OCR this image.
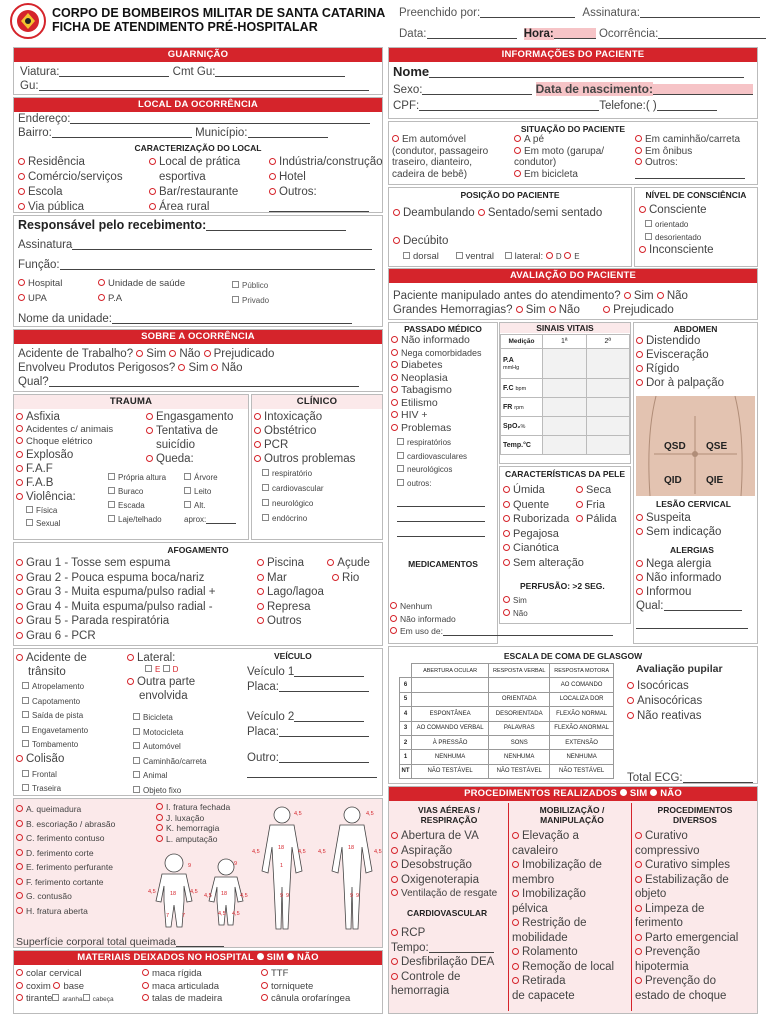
CORPO DE BOMBEIROS MILITAR DE SANTA CATARINA
FICHA DE ATENDIMENTO PRÉ-HOSPITALAR
Preenchido por:	Assinatura:
Data:	Hora:	Ocorrência:
GUARNIÇÃO
Viatura:	Cmt Gu:
Gu:
LOCAL DA OCORRÊNCIA
Endereço:
Bairro:	Município:
CARACTERIZAÇÃO DO LOCAL
Residência
Comércio/serviços
Escola
Via pública
Local de prática
esportiva
Bar/restaurante
Área rural
Indústria/construção
Hotel
Outros:
Responsável pelo recebimento:
Assinatura
Função:
Hospital
UPA
Unidade de saúde
P.A
Público
Privado
Nome da unidade:
SOBRE A OCORRÊNCIA
Acidente de Trabalho? Sim Não Prejudicado
Envolveu Produtos Perigosos? Sim Não
Qual?
TRAUMA
Asfixia
Acidentes c/ animais
Choque elétrico
Explosão
F.A.F
F.A.B
Violência:
Física
Sexual
Engasgamento
Tentativa de
suicídio
Queda:
Própria altura
Buraco
Escada
Laje/telhado
Árvore
Leito
Alt.
aprox:
CLÍNICO
Intoxicação
Obstétrico
PCR
Outros problemas
respiratório
cardiovascular
neurológico
endócrino
AFOGAMENTO
Grau 1 - Tosse sem espuma
Grau 2 - Pouca espuma boca/nariz
Grau 3 - Muita espuma/pulso radial +
Grau 4 - Muita espuma/pulso radial -
Grau 5 - Parada respiratória
Grau 6 - PCR
Piscina	Açude
Mar	Rio
Lago/lagoa
Represa
Outros
VEÍCULO
Acidente de
trânsito
Atropelamento
Capotamento
Saída de pista
Engavetamento
Tombamento
Colisão
Frontal
Traseira
Lateral:
E D
Outra parte
envolvida
Bicicleta
Motocicleta
Automóvel
Caminhão/carreta
Animal
Objeto fixo
Veículo 1
Placa:
Veículo 2
Placa:
Outro:
A. queimadura
B. escoriação / abrasão
C. ferimento contuso
D. ferimento corte
E. ferimento perfurante
F. ferimento cortante
G. contusão
H. fratura aberta
I. fratura fechada
J. luxação
K. hemorragia
L. amputação
4,5	4,5
4,5	4,5
18	18
4,5	4,5
9 9	9 9
1
18
4,5	4,5
7 7
18
4,5	4,5
4,5 4,5
9	9
Superfície corporal total queimada
MATERIAIS DEIXADOS NO HOSPITAL SIM NÃO
colar cervical
coxim base
tirante aranha cabeça
maca rígida
maca articulada
talas de madeira
TTF
torniquete
cânula orofaríngea
INFORMAÇÕES DO PACIENTE
Nome
Sexo:	Data de nascimento:
CPF:	Telefone:( )
SITUAÇÃO DO PACIENTE
Em automóvel
(condutor, passageiro
traseiro, dianteiro,
cadeira de bebê)
A pé
Em moto (garupa/
condutor)
Em bicicleta
Em caminhão/carreta
Em ônibus
Outros:
POSIÇÃO DO PACIENTE
Deambulando Sentado/semi sentado
Decúbito
dorsal	ventral lateral: D E
NÍVEL DE CONSCIÊNCIA
Consciente
orientado
desorientado
Inconsciente
AVALIAÇÃO DO PACIENTE
Paciente manipulado antes do atendimento? Sim Não
Grandes Hemorragias? Sim Não	Prejudicado
PASSADO MÉDICO
Não informado
Nega comorbidades
Diabetes
Neoplasia
Tabagismo
Etilismo
HIV +
Problemas
respiratórios
cardiovasculares
neurológicos
outros:
MEDICAMENTOS
Nenhum
Não informado
Em uso de:
SINAIS VITAIS
Medição	1ª	2ª
P.A
mmHg		
F.C bpm		
FR rpm		
SpO₂%		
Temp.°C		
CARACTERÍSTICAS DA PELE
Úmida
Quente
Ruborizada
Pegajosa
Cianótica
Sem alteração
Seca
Fria
Pálida
PERFUSÃO: >2 SEG.
Sim
Não
ABDOMEN
Distendido
Evisceração
Rígido
Dor à palpação
QSD QSE
QID QIE
LESÃO CERVICAL
Suspeita
Sem indicação
ALERGIAS
Nega alergia
Não informado
Informou
Qual:
ESCALA DE COMA DE GLASGOW
	ABERTURA OCULAR	RESPOSTA VERBAL	RESPOSTA MOTORA
6			AO COMANDO
5		ORIENTADA	LOCALIZA DOR
4	ESPONTÂNEA	DESORIENTADA	FLEXÃO NORMAL
3	AO COMANDO VERBAL	PALAVRAS	FLEXÃO ANORMAL
2	À PRESSÃO	SONS	EXTENSÃO
1	NENHUMA	NENHUMA	NENHUMA
NT	NÃO TESTÁVEL	NÃO TESTÁVEL	NÃO TESTÁVEL
Avaliação pupilar
Isocóricas
Anisocóricas
Não reativas
Total ECG:
PROCEDIMENTOS REALIZADOS SIM NÃO
VIAS AÉREAS / RESPIRAÇÃO
Abertura de VA
Aspiração
Desobstrução
Oxigenoterapia
Ventilação de resgate
CARDIOVASCULAR
RCP
Tempo:
Desfibrilação DEA
Controle de
hemorragia
MOBILIZAÇÃO / MANIPULAÇÃO
Elevação a
cavaleiro
Imobilização de
membro
Imobilização
pélvica
Restrição de
mobilidade
Rolamento
Remoção de local
Retirada
de capacete
PROCEDIMENTOS DIVERSOS
Curativo
compressivo
Curativo simples
Estabilização de
objeto
Limpeza de
ferimento
Parto emergencial
Prevenção
hipotermia
Prevenção do
estado de choque
